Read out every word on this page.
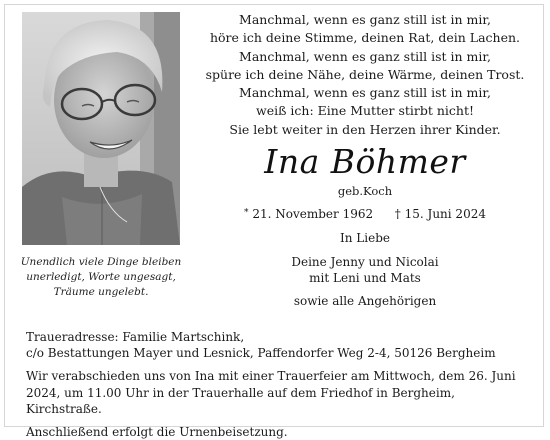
Unendlich viele Dinge bleiben
unerledigt, Worte ungesagt,
Träume ungelebt.
Manchmal, wenn es ganz still ist in mir,
höre ich deine Stimme, deinen Rat, dein Lachen.
Manchmal, wenn es ganz still ist in mir,
spüre ich deine Nähe, deine Wärme, deinen Trost.
Manchmal, wenn es ganz still ist in mir,
weiß ich: Eine Mutter stirbt nicht!
Sie lebt weiter in den Herzen ihrer Kinder.
Ina Böhmer
geb.Koch
* 21. November 1962 † 15. Juni 2024
In Liebe
Deine Jenny und Nicolai
mit Leni und Mats
sowie alle Angehörigen
Traueradresse: Familie Martschink,
c/o Bestattungen Mayer und Lesnick, Paffendorfer Weg 2-4, 50126 Bergheim
Wir verabschieden uns von Ina mit einer Trauerfeier am Mittwoch, dem 26. Juni 2024, um 11.00 Uhr in der Trauerhalle auf dem Friedhof in Bergheim, Kirchstraße.
Anschließend erfolgt die Urnenbeisetzung.
